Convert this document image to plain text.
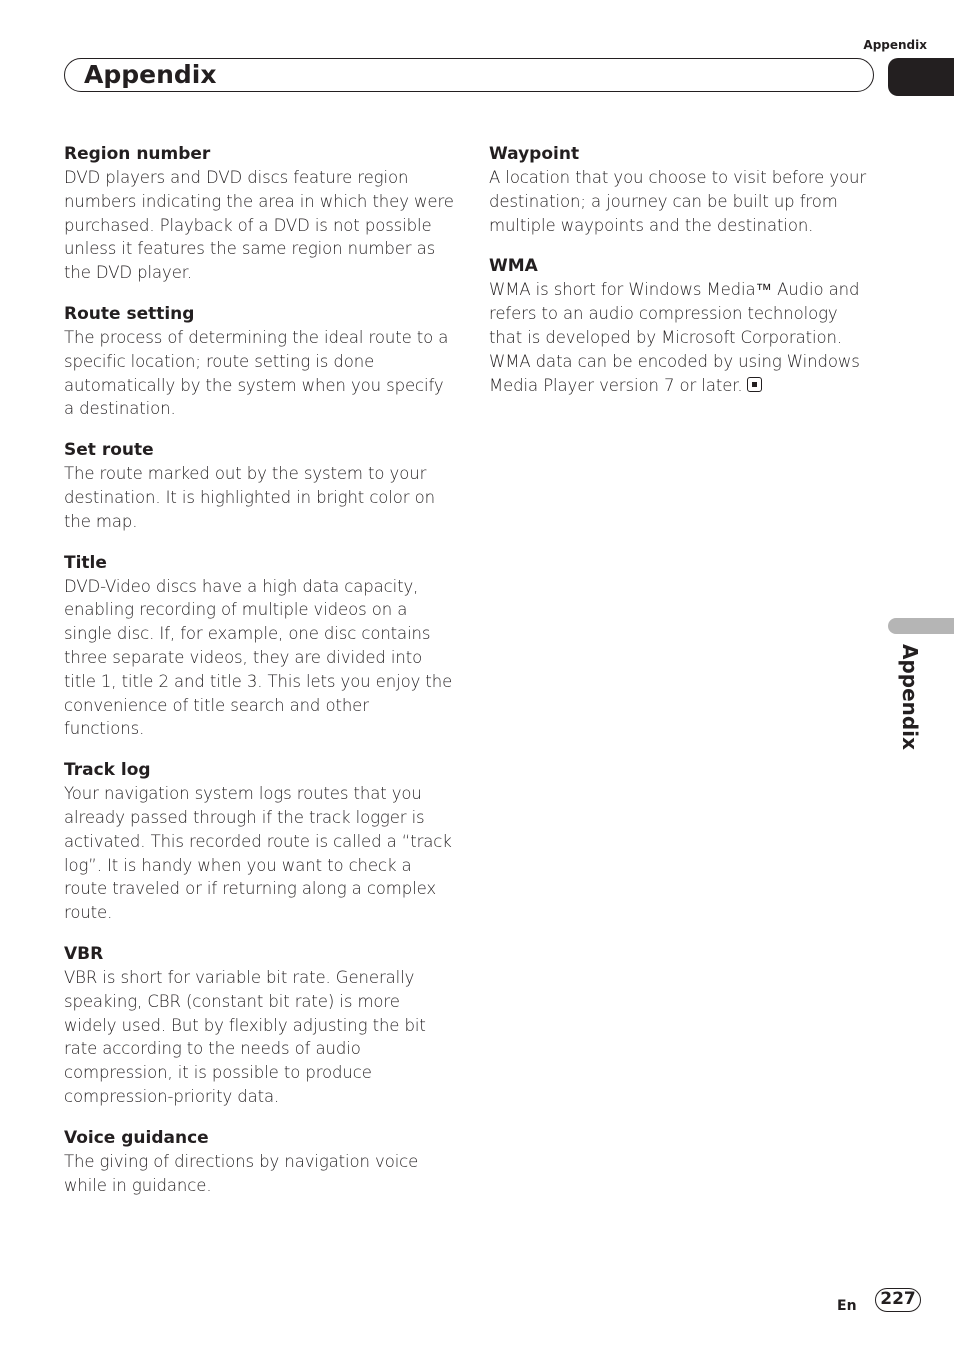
Appendix
Appendix
Appendix

Region number

DVD players and DVD discs feature region numbers indicating the area in which they were purchased. Playback of a DVD is not possible unless it features the same region number as the DVD player.

Route setting

The process of determining the ideal route to a specific location; route setting is done automatically by the system when you specify a destination.

Set route

The route marked out by the system to your destination. It is highlighted in bright color on the map.

Title

DVD-Video discs have a high data capacity, enabling recording of multiple videos on a single disc. If, for example, one disc contains three separate videos, they are divided into title 1, title 2 and title 3. This lets you enjoy the convenience of title search and other functions.

Track log

Your navigation system logs routes that you already passed through if the track logger is activated. This recorded route is called a “track log”. It is handy when you want to check a route traveled or if returning along a complex route.

VBR

VBR is short for variable bit rate. Generally speaking, CBR (constant bit rate) is more widely used. But by flexibly adjusting the bit rate according to the needs of audio compression, it is possible to produce compression-priority data.

Voice guidance

The giving of directions by navigation voice while in guidance.

Waypoint

A location that you choose to visit before your destination; a journey can be built up from multiple waypoints and the destination.

WMA

WMA is short for Windows Media™ Audio and refers to an audio compression technology that is developed by Microsoft Corporation. WMA data can be encoded by using Windows Media Player version 7 or later.

En	227
